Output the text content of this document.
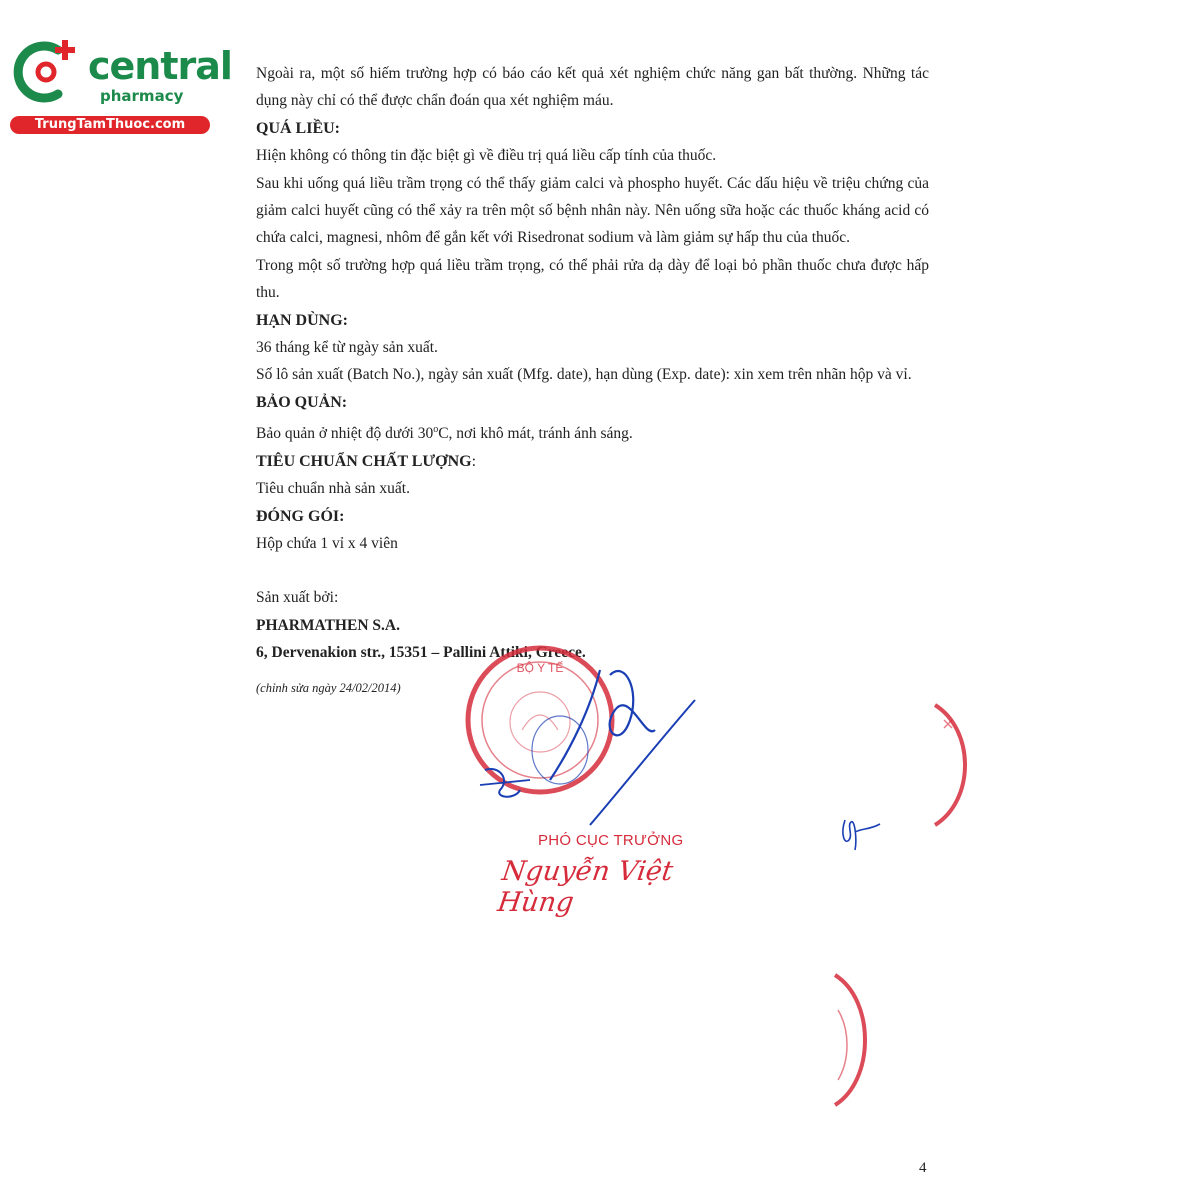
central
pharmacy
TrungTamThuoc.com

Ngoài ra, một số hiếm trường hợp có báo cáo kết quả xét nghiệm chức năng gan bất thường. Những tác dụng này chỉ có thể được chẩn đoán qua xét nghiệm máu.

QUÁ LIỀU:

Hiện không có thông tin đặc biệt gì về điều trị quá liều cấp tính của thuốc.

Sau khi uống quá liều trầm trọng có thể thấy giảm calci và phospho huyết. Các dấu hiệu về triệu chứng của giảm calci huyết cũng có thể xảy ra trên một số bệnh nhân này. Nên uống sữa hoặc các thuốc kháng acid có chứa calci, magnesi, nhôm để gắn kết với Risedronat sodium và làm giảm sự hấp thu của thuốc.

Trong một số trường hợp quá liều trầm trọng, có thể phải rửa dạ dày để loại bỏ phần thuốc chưa được hấp thu.

HẠN DÙNG:

36 tháng kể từ ngày sản xuất.

Số lô sản xuất (Batch No.), ngày sản xuất (Mfg. date), hạn dùng (Exp. date): xin xem trên nhãn hộp và vỉ.

BẢO QUẢN:

Bảo quản ở nhiệt độ dưới 30$^o$C, nơi khô mát, tránh ánh sáng.

TIÊU CHUẨN CHẤT LƯỢNG:

Tiêu chuẩn nhà sản xuất.

ĐÓNG GÓI:

Hộp chứa 1 vỉ x 4 viên

Sản xuất bởi:

PHARMATHEN S.A.

6, Dervenakion str., 15351 – Pallini Attiki, Greece.

(chỉnh sửa ngày 24/02/2014)

BỘ Y TẾ
PHÓ CỤC TRƯỞNG
Nguyễn Việt Hùng
4
